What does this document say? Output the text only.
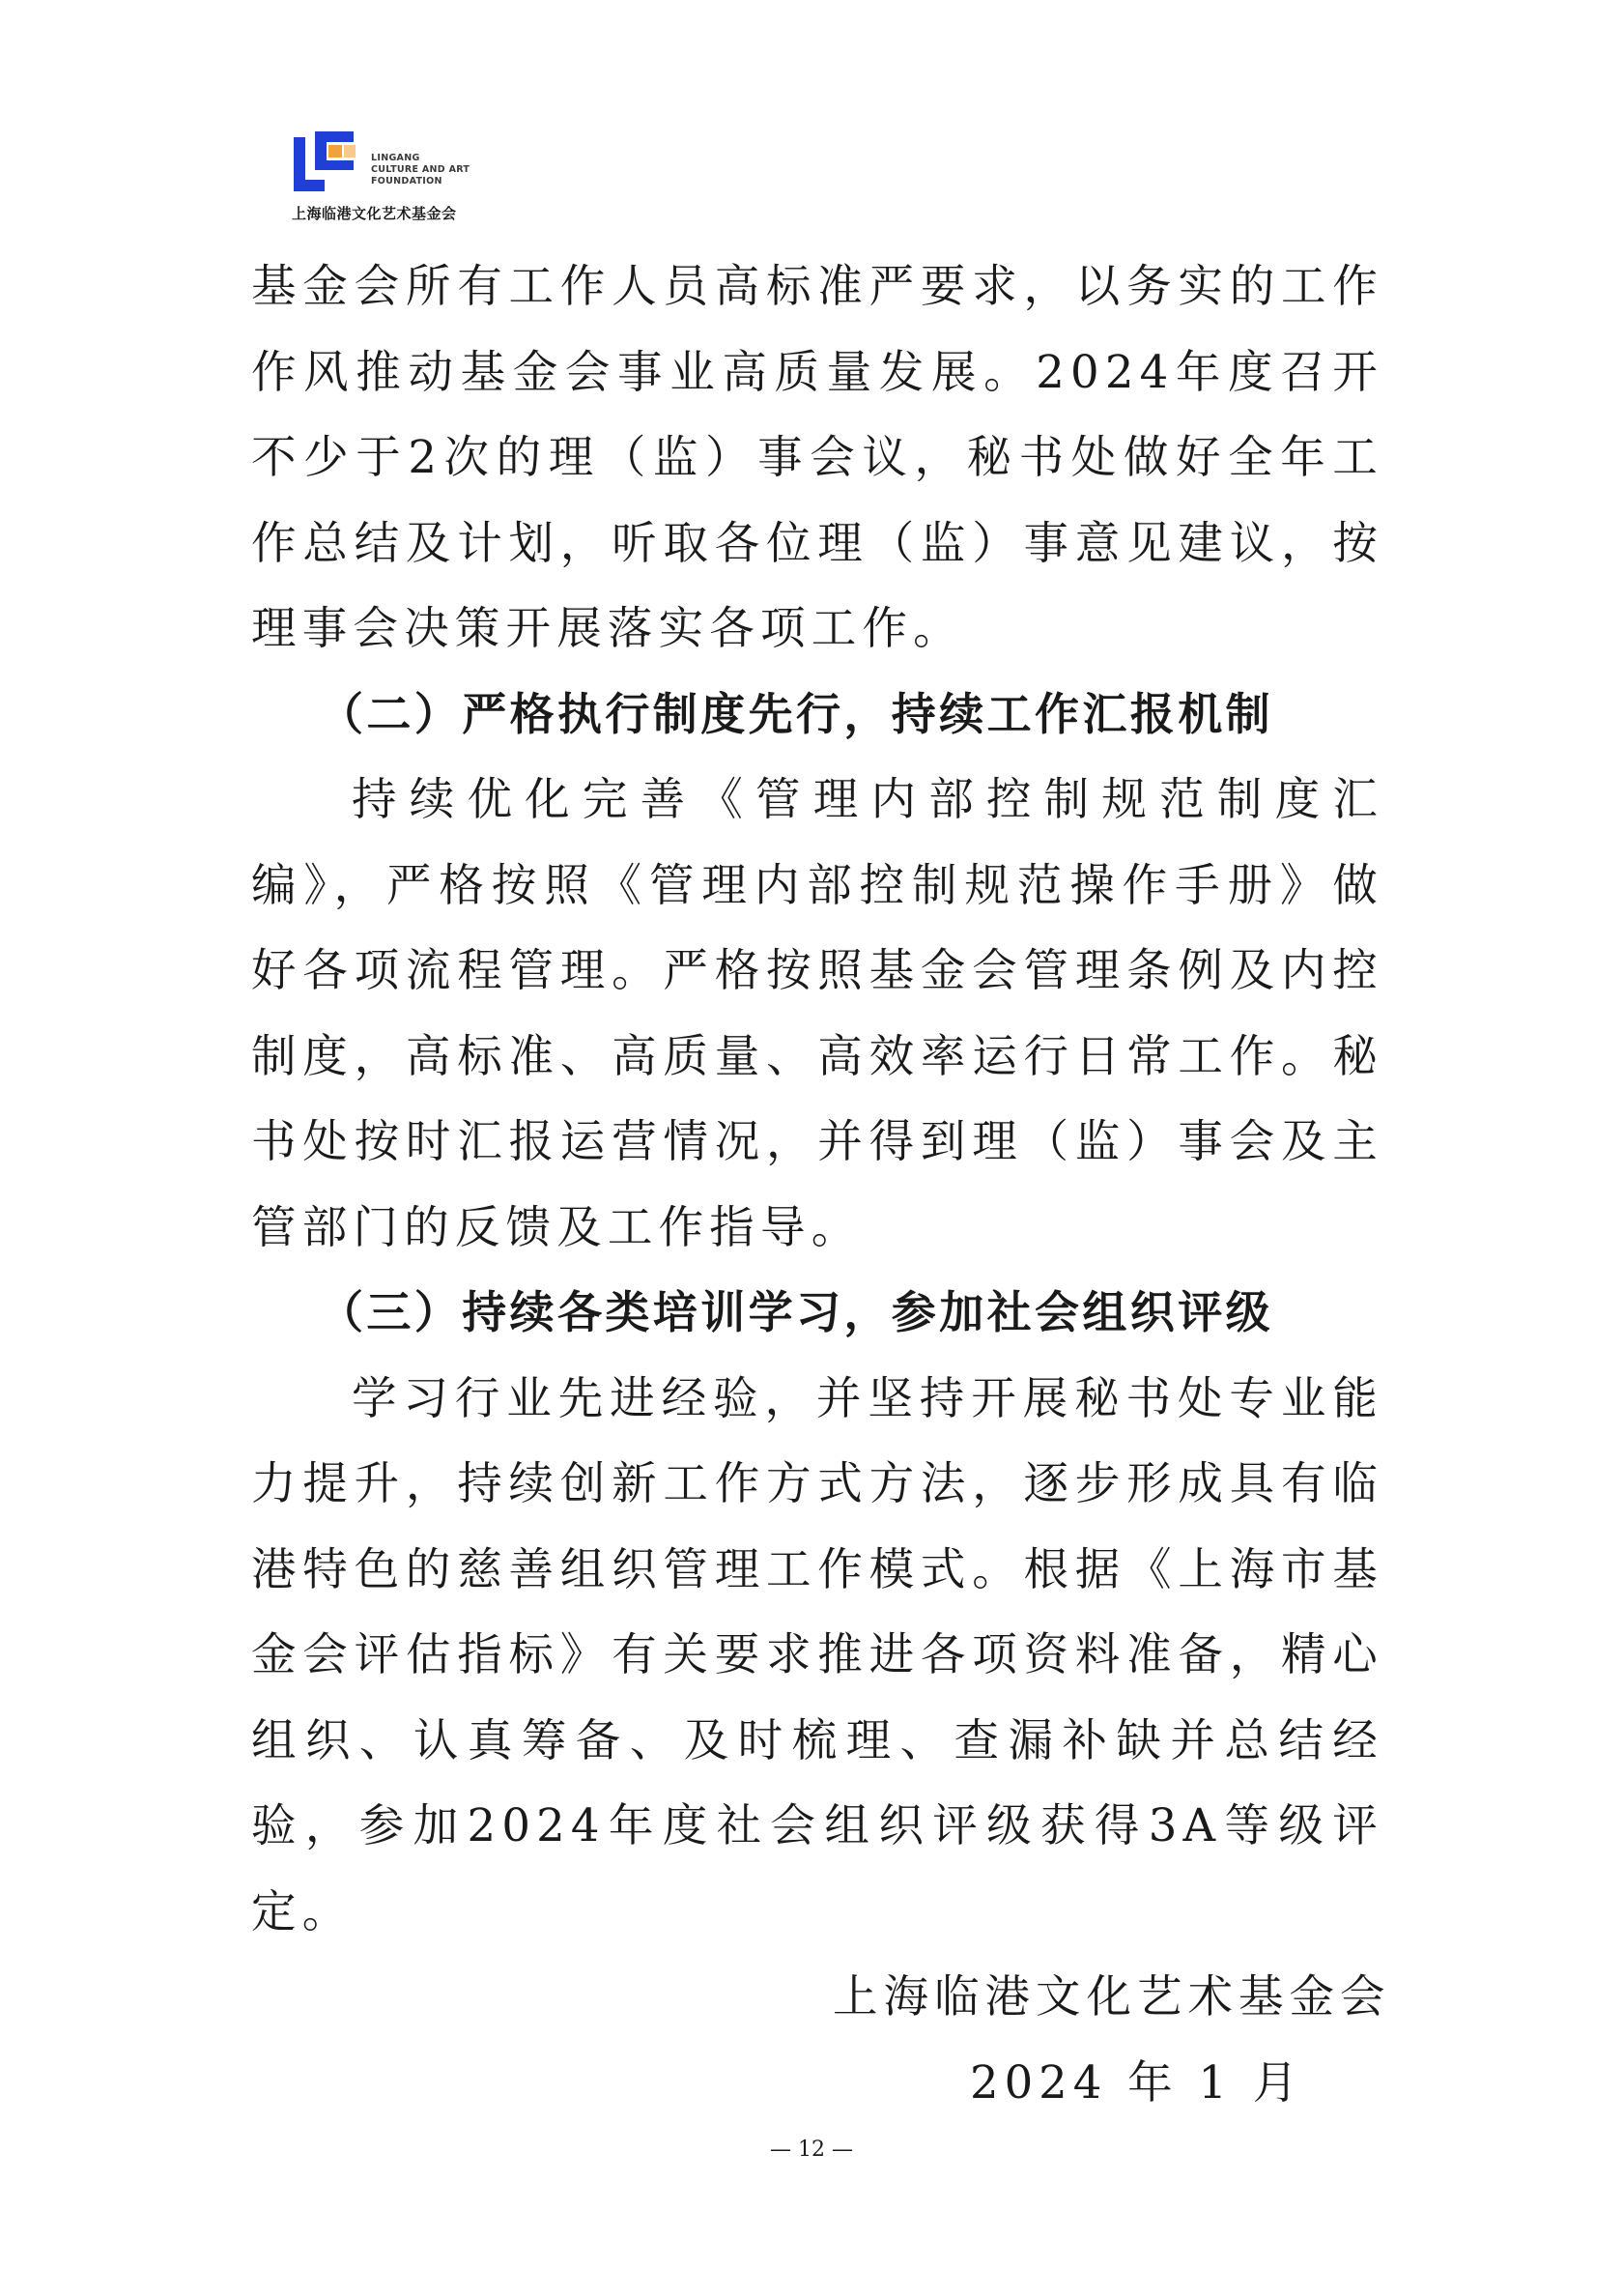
LINGANG
CULTURE AND ART
FOUNDATION
上海临港文化艺术基金会

基金会所有工作人员高标准严要求，以务实的工作作风推动基金会事业高质量发展。2024年度召开不少于2次的理（监）事会议，秘书处做好全年工作总结及计划，听取各位理（监）事意见建议，按理事会决策开展落实各项工作。

（二）严格执行制度先行，持续工作汇报机制

持续优化完善《管理内部控制规范制度汇编》，严格按照《管理内部控制规范操作手册》做好各项流程管理。严格按照基金会管理条例及内控制度，高标准、高质量、高效率运行日常工作。秘书处按时汇报运营情况，并得到理（监）事会及主管部门的反馈及工作指导。

（三）持续各类培训学习，参加社会组织评级

学习行业先进经验，并坚持开展秘书处专业能力提升，持续创新工作方式方法，逐步形成具有临港特色的慈善组织管理工作模式。根据《上海市基金会评估指标》有关要求推进各项资料准备，精心组织、认真筹备、及时梳理、查漏补缺并总结经验，参加2024年度社会组织评级获得3A等级评定。

上海临港文化艺术基金会

2024 年 1 月

— 12 —
